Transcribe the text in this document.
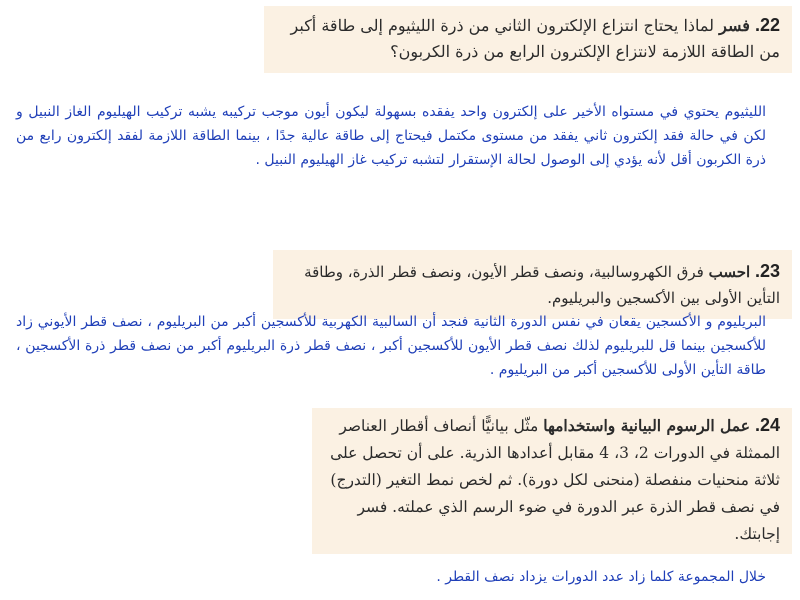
22. فسر لماذا يحتاج انتزاع الإلكترون الثاني من ذرة الليثيوم إلى طاقة أكبر من الطاقة اللازمة لانتزاع الإلكترون الرابع من ذرة الكربون؟

الليثيوم يحتوي في مستواه الأخير على إلكترون واحد يفقده بسهولة ليكون أيون موجب تركيبه يشبه تركيب الهيليوم الغاز النبيل و لكن في حالة فقد إلكترون ثاني يفقد من مستوى مكتمل فيحتاج إلى طاقة عالية جدًا ، بينما الطاقة اللازمة لفقد إلكترون رابع من ذرة الكربون أقل لأنه يؤدي إلى الوصول لحالة الإستقرار لتشبه تركيب غاز الهيليوم النبيل .

23. احسب فرق الكهروسالبية، ونصف قطر الأيون، ونصف قطر الذرة، وطاقة التأين الأولى بين الأكسجين والبريليوم.

البريليوم و الأكسجين يقعان في نفس الدورة الثانية فنجد أن السالبية الكهربية للأكسجين أكبر من البريليوم ، نصف قطر الأيوني زاد للأكسجين بينما قل للبريليوم لذلك نصف قطر الأيون للأكسجين أكبر ، نصف قطر ذرة البريليوم أكبر من نصف قطر ذرة الأكسجين ، طاقة التأين الأولى للأكسجين أكبر من البريليوم .

24. عمل الرسوم البيانية واستخدامها مثّل بيانيًّا أنصاف أقطار العناصر الممثلة في الدورات 2، 3، 4 مقابل أعدادها الذرية. على أن تحصل على ثلاثة منحنيات منفصلة (منحنى لكل دورة). ثم لخص نمط التغير (التدرج) في نصف قطر الذرة عبر الدورة في ضوء الرسم الذي عملته. فسر إجابتك.

خلال المجموعة كلما زاد عدد الدورات يزداد نصف القطر .
